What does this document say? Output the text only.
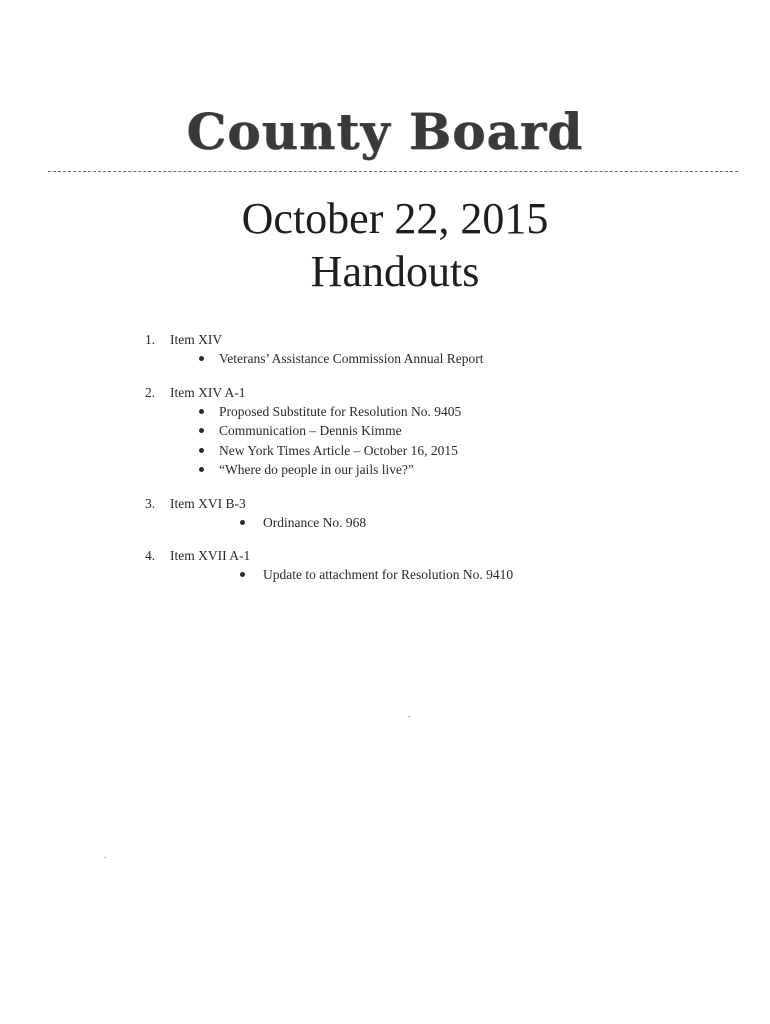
County Board
October 22, 2015
Handouts
1. Item XIV
Veterans’ Assistance Commission Annual Report
2. Item XIV A-1
Proposed Substitute for Resolution No. 9405
Communication – Dennis Kimme
New York Times Article – October 16, 2015
“Where do people in our jails live?”
3. Item XVI B-3
Ordinance No. 968
4. Item XVII A-1
Update to attachment for Resolution No. 9410
